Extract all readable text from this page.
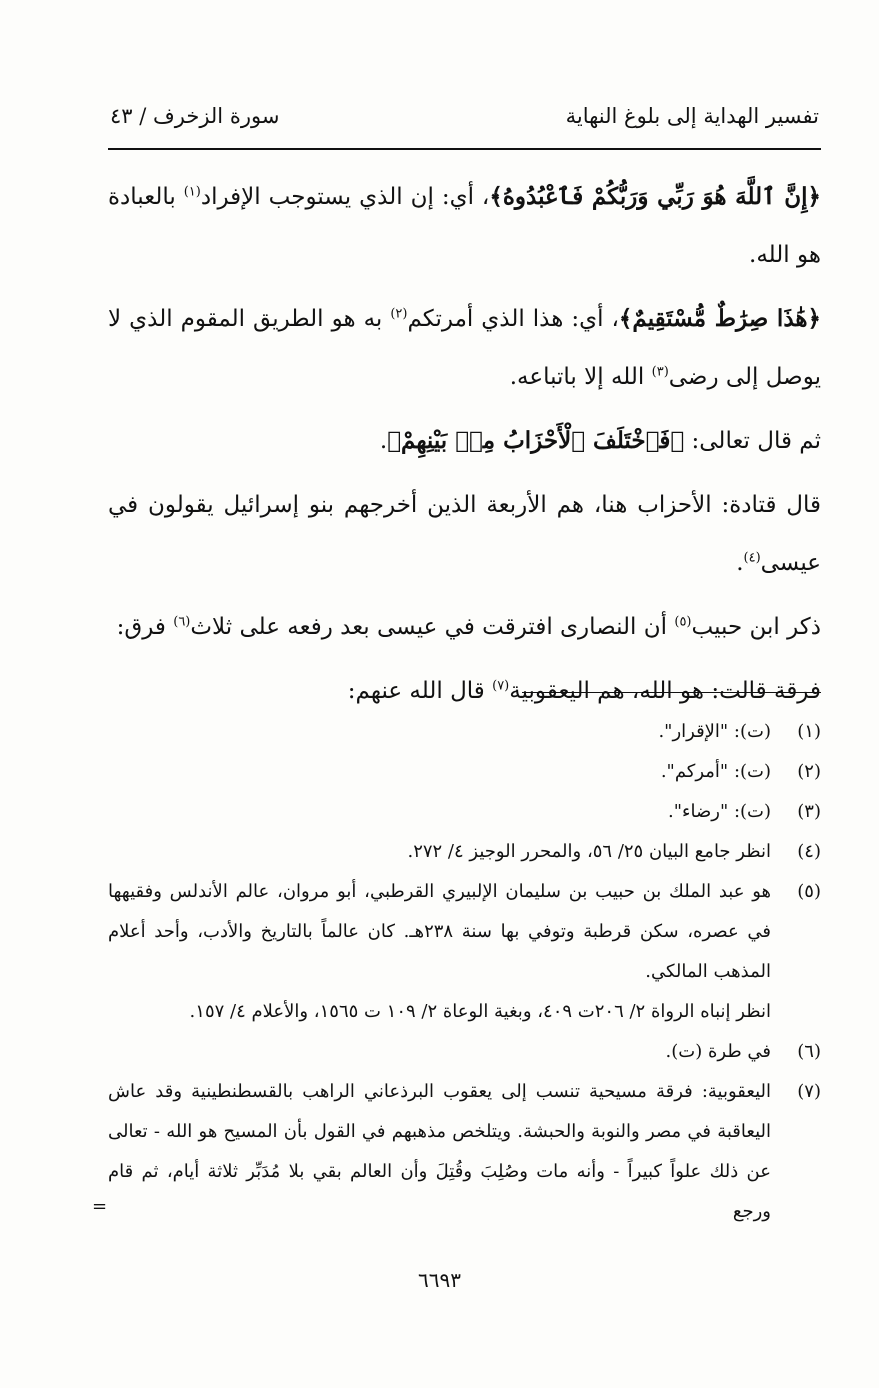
تفسير الهداية إلى بلوغ النهاية
سورة الزخرف / ٤٣

﴿إِنَّ ٱللَّهَ هُوَ رَبِّي وَرَبُّكُمْ فَٱعْبُدُوهُ﴾، أي: إن الذي يستوجب الإفراد$^{(١)}$ بالعبادة هو الله.

﴿هَٰذَا صِرَٰطٌ مُّسْتَقِيمٌ﴾، أي: هذا الذي أمرتكم$^{(٢)}$ به هو الطريق المقوم الذي لا يوصل إلى رضى$^{(٣)}$ الله إلا باتباعه.

ثم قال تعالى: ﴿فَٱخْتَلَفَ ٱلْأَحْزَابُ مِنۢ بَيْنِهِمْ﴾.

قال قتادة: الأحزاب هنا، هم الأربعة الذين أخرجهم بنو إسرائيل يقولون في عيسى$^{(٤)}$.

ذكر ابن حبيب$^{(٥)}$ أن النصارى افترقت في عيسى بعد رفعه على ثلاث$^{(٦)}$ فرق:

فرقة قالت: هو الله، هم اليعقوبية$^{(٧)}$ قال الله عنهم:

(١)
(ت): "الإقرار".

(٢)
(ت): "أمركم".

(٣)
(ت): "رضاء".

(٤)
انظر جامع البيان ٢٥/ ٥٦، والمحرر الوجيز ٤/ ٢٧٢.

(٥)
هو عبد الملك بن حبيب بن سليمان الإلبيري القرطبي، أبو مروان، عالم الأندلس وفقيهها في عصره، سكن قرطبة وتوفي بها سنة ٢٣٨هـ. كان عالماً بالتاريخ والأدب، وأحد أعلام المذهب المالكي.

انظر إنباه الرواة ٢/ ٢٠٦ت ٤٠٩، وبغية الوعاة ٢/ ١٠٩ ت ١٥٦٥، والأعلام ٤/ ١٥٧.

(٦)
في طرة (ت).

(٧)
اليعقوبية: فرقة مسيحية تنسب إلى يعقوب البرذعاني الراهب بالقسطنطينية وقد عاش اليعاقبة في مصر والنوبة والحبشة. ويتلخص مذهبهم في القول بأن المسيح هو الله - تعالى عن ذلك علواً كبيراً - وأنه مات وصُلِبَ وقُتِلَ وأن العالم بقي بلا مُدَبِّر ثلاثة أيام، ثم قام ورجع

=
٦٦٩٣
